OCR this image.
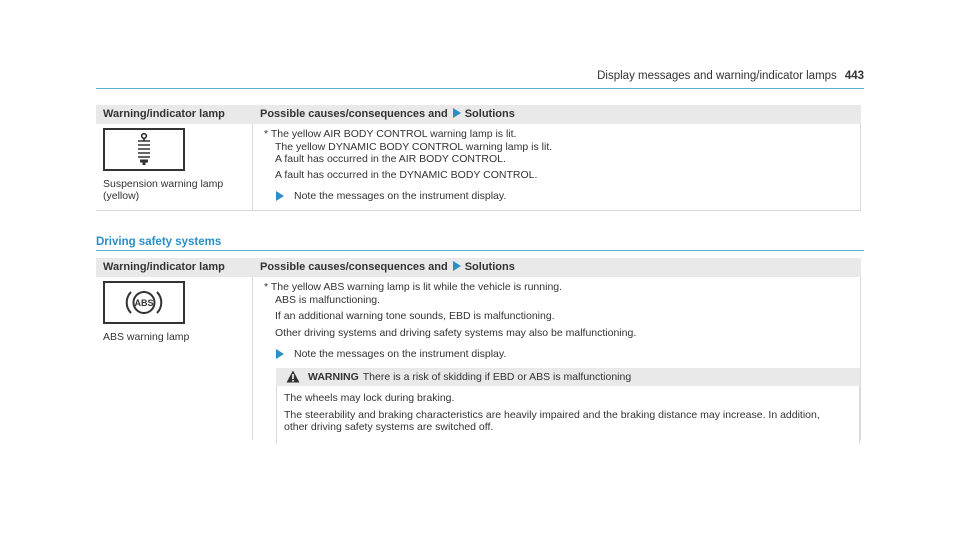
Display messages and warning/indicator lamps 443
Warning/indicator lamp	Possible causes/consequences and Solutions
Suspension warning lamp
(yellow)

* The yellow AIR BODY CONTROL warning lamp is lit.

The yellow DYNAMIC BODY CONTROL warning lamp is lit.

A fault has occurred in the AIR BODY CONTROL.

A fault has occurred in the DYNAMIC BODY CONTROL.

Note the messages on the instrument display.

Driving safety systems
Warning/indicator lamp	Possible causes/consequences and Solutions
ABS
ABS warning lamp

* The yellow ABS warning lamp is lit while the vehicle is running.

ABS is malfunctioning.

If an additional warning tone sounds, EBD is malfunctioning.

Other driving systems and driving safety systems may also be malfunctioning.

Note the messages on the instrument display.

WARNING There is a risk of skidding if EBD or ABS is malfunctioning

The wheels may lock during braking.

The steerability and braking characteristics are heavily impaired and the braking distance may increase. In addition,

other driving safety systems are switched off.
